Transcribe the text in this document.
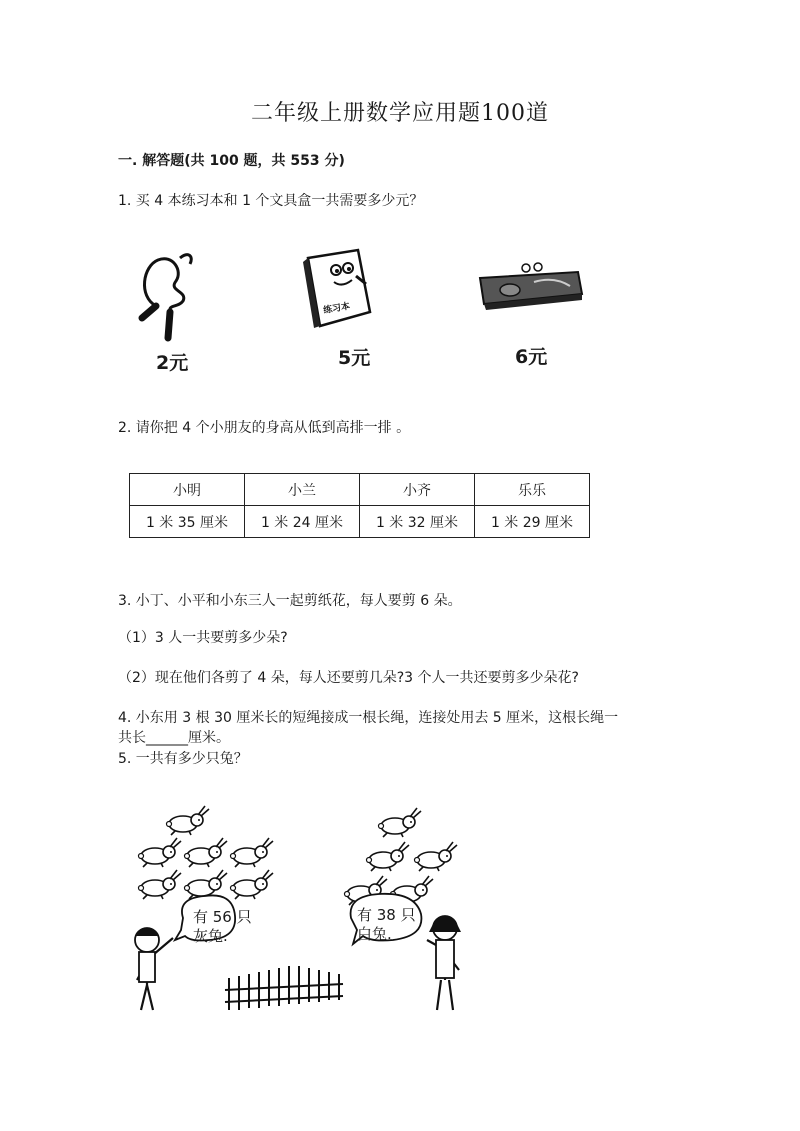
二年级上册数学应用题100道
一. 解答题(共 100 题，共 553 分)
1. 买 4 本练习本和 1 个文具盒一共需要多少元？
2元
练习本
5元	6元
2. 请你把 4 个小朋友的身高从低到高排一排 。
小明	小兰	小齐	乐乐
1 米 35 厘米	1 米 24 厘米	1 米 32 厘米	1 米 29 厘米
3. 小丁、小平和小东三人一起剪纸花，每人要剪 6 朵。
（1）3 人一共要剪多少朵?
（2）现在他们各剪了 4 朵，每人还要剪几朵?3 个人一共还要剪多少朵花?
4. 小东用 3 根 30 厘米长的短绳接成一根长绳，连接处用去 5 厘米，这根长绳一
共长______厘米。
5. 一共有多少只兔？
有 56 只
灰兔.
有 38 只
白兔.
